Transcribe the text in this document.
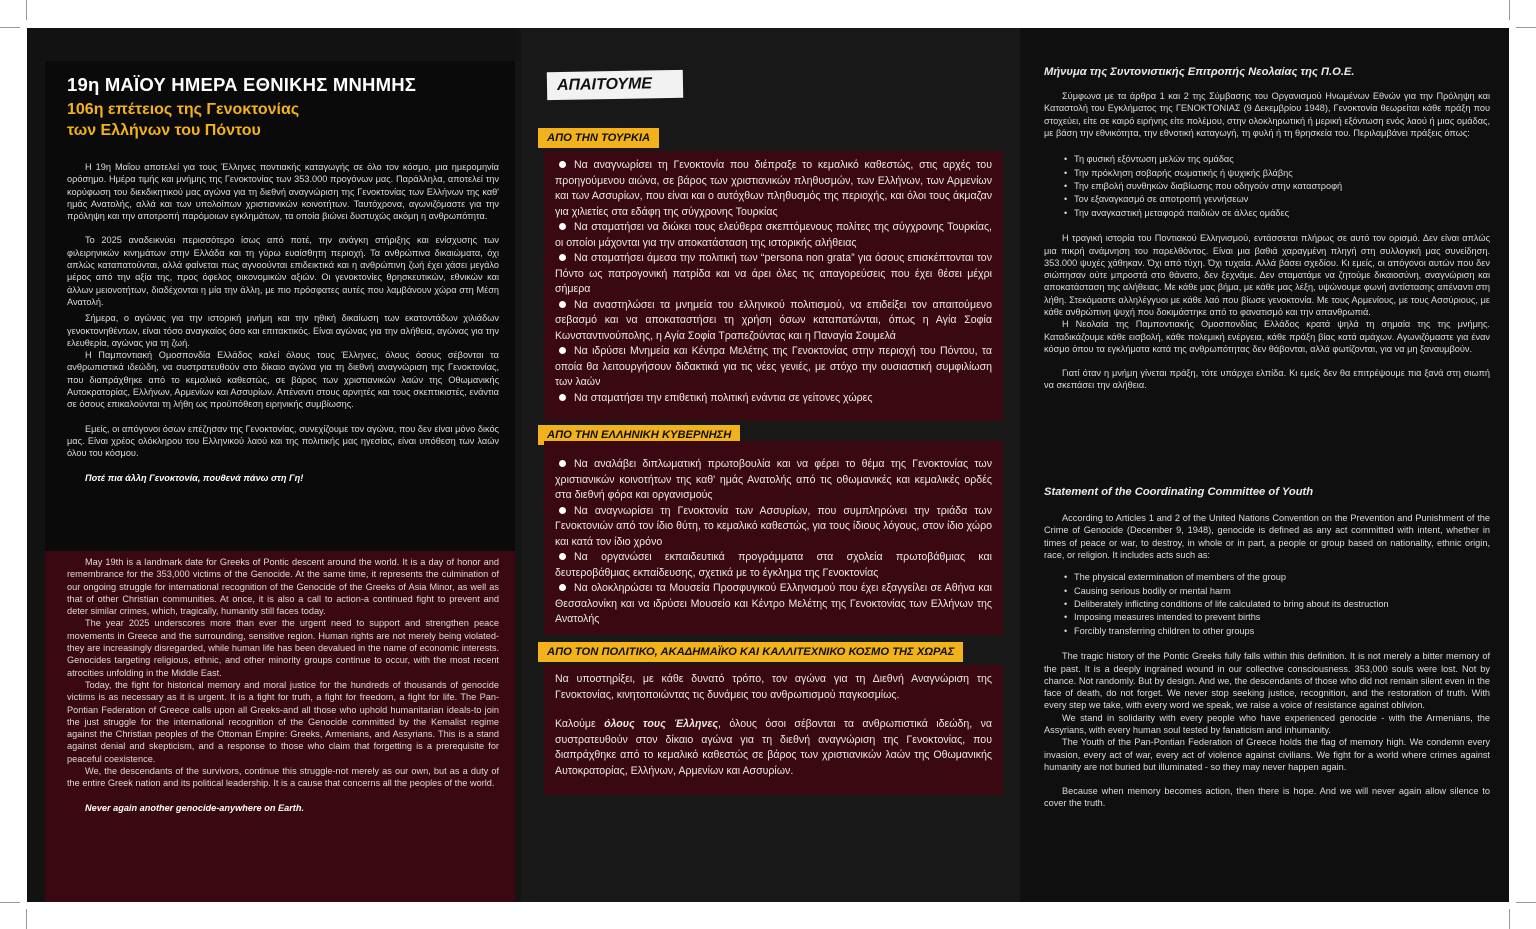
19η ΜΑΪΟΥ ΗΜΕΡΑ ΕΘΝΙΚΗΣ ΜΝΗΜΗΣ
106η επέτειος της Γενοκτονίας
των Ελλήνων του Πόντου

Η 19η Μαΐου αποτελεί για τους Έλληνες ποντιακής καταγωγής σε όλο τον κόσμο, μια ημερομηνία ορόσημο. Ημέρα τιμής και μνήμης της Γενοκτονίας των 353.000 προγόνων μας. Παράλληλα, αποτελεί την κορύφωση του διεκδικητικού μας αγώνα για τη διεθνή αναγνώριση της Γενοκτονίας των Ελλήνων της καθ' ημάς Ανατολής, αλλά και των υπολοίπων χριστιανικών κοινοτήτων. Ταυτόχρονα, αγωνιζόμαστε για την πρόληψη και την αποτροπή παρόμοιων εγκλημάτων, τα οποία βιώνει δυστυχώς ακόμη η ανθρωπότητα.

Το 2025 αναδεικνύει περισσότερο ίσως από ποτέ, την ανάγκη στήριξης και ενίσχυσης των φιλειρηνικών κινημάτων στην Ελλάδα και τη γύρω ευαίσθητη περιοχή. Τα ανθρώπινα δικαιώματα, όχι απλώς καταπατούνται, αλλά φαίνεται πως αγνοούνται επιδεικτικά και η ανθρώπινη ζωή έχει χάσει μεγάλο μέρος από την αξία της, προς όφελος οικονομικών αξιών. Οι γενοκτονίες θρησκευτικών, εθνικών και άλλων μειονοτήτων, διαδέχονται η μία την άλλη, με πιο πρόσφατες αυτές που λαμβάνουν χώρα στη Μέση Ανατολή.

Σήμερα, ο αγώνας για την ιστορική μνήμη και την ηθική δικαίωση των εκατοντάδων χιλιάδων γενοκτονηθέντων, είναι τόσο αναγκαίος όσο και επιτακτικός. Είναι αγώνας για την αλήθεια, αγώνας για την ελευθερία, αγώνας για τη ζωή.

Η Παμποντιακή Ομοσπονδία Ελλάδος καλεί όλους τους Έλληνες, όλους όσους σέβονται τα ανθρωπιστικά ιδεώδη, να συστρατευθούν στο δίκαιο αγώνα για τη διεθνή αναγνώριση της Γενοκτονίας, που διαπράχθηκε από το κεμαλικό καθεστώς, σε βάρος των χριστιανικών λαών της Οθωμανικής Αυτοκρατορίας, Ελλήνων, Αρμενίων και Ασσυρίων. Απέναντι στους αρνητές και τους σκεπτικιστές, ενάντια σε όσους επικαλούνται τη λήθη ως προϋπόθεση ειρηνικής συμβίωσης.

Εμείς, οι απόγονοι όσων επέζησαν της Γενοκτονίας, συνεχίζουμε τον αγώνα, που δεν είναι μόνο δικός μας. Είναι χρέος ολόκληρου του Ελληνικού λαού και της πολιτικής μας ηγεσίας, είναι υπόθεση των λαών όλου του κόσμου.

Ποτέ πια άλλη Γενοκτονία, πουθενά πάνω στη Γη!

May 19th is a landmark date for Greeks of Pontic descent around the world. It is a day of honor and remembrance for the 353,000 victims of the Genocide. At the same time, it represents the culmination of our ongoing struggle for international recognition of the Genocide of the Greeks of Asia Minor, as well as that of other Christian communities. At once, it is also a call to action-a continued fight to prevent and deter similar crimes, which, tragically, humanity still faces today.

The year 2025 underscores more than ever the urgent need to support and strengthen peace movements in Greece and the surrounding, sensitive region. Human rights are not merely being violated-they are increasingly disregarded, while human life has been devalued in the name of economic interests. Genocides targeting religious, ethnic, and other minority groups continue to occur, with the most recent atrocities unfolding in the Middle East.

Today, the fight for historical memory and moral justice for the hundreds of thousands of genocide victims is as necessary as it is urgent. It is a fight for truth, a fight for freedom, a fight for life. The Pan-Pontian Federation of Greece calls upon all Greeks-and all those who uphold humanitarian ideals-to join the just struggle for the international recognition of the Genocide committed by the Kemalist regime against the Christian peoples of the Ottoman Empire: Greeks, Armenians, and Assyrians. This is a stand against denial and skepticism, and a response to those who claim that forgetting is a prerequisite for peaceful coexistence.

We, the descendants of the survivors, continue this struggle-not merely as our own, but as a duty of the entire Greek nation and its political leadership. It is a cause that concerns all the peoples of the world.

Never again another genocide-anywhere on Earth.

ΑΠΑΙΤΟΥΜΕ
ΑΠΟ ΤΗΝ ΤΟΥΡΚΙΑ

Να αναγνωρίσει τη Γενοκτονία που διέπραξε το κεμαλικό καθεστώς, στις αρχές του προηγούμενου αιώνα, σε βάρος των χριστιανικών πληθυσμών, των Ελλήνων, των Αρμενίων και των Ασσυρίων, που είναι και ο αυτόχθων πληθυσμός της περιοχής, και όλοι τους άκμαζαν για χιλιετίες στα εδάφη της σύγχρονης Τουρκίας

Να σταματήσει να διώκει τους ελεύθερα σκεπτόμενους πολίτες της σύγχρονης Τουρκίας, οι οποίοι μάχονται για την αποκατάσταση της ιστορικής αλήθειας

Να σταματήσει άμεσα την πολιτική των “persona non grata” για όσους επισκέπτονται τον Πόντο ως πατρογονική πατρίδα και να άρει όλες τις απαγορεύσεις που έχει θέσει μέχρι σήμερα

Να αναστηλώσει τα μνημεία του ελληνικού πολιτισμού, να επιδείξει τον απαιτούμενο σεβασμό και να αποκαταστήσει τη χρήση όσων καταπατώνται, όπως η Αγία Σοφία Κωνσταντινούπολης, η Αγία Σοφία Τραπεζούντας και η Παναγία Σουμελά

Να ιδρύσει Μνημεία και Κέντρα Μελέτης της Γενοκτονίας στην περιοχή του Πόντου, τα οποία θα λειτουργήσουν διδακτικά για τις νέες γενιές, με στόχο την ουσιαστική συμφιλίωση των λαών

Να σταματήσει την επιθετική πολιτική ενάντια σε γείτονες χώρες

ΑΠΟ ΤΗΝ ΕΛΛΗΝΙΚΗ ΚΥΒΕΡΝΗΣΗ

Να αναλάβει διπλωματική πρωτοβουλία και να φέρει το θέμα της Γενοκτονίας των χριστιανικών κοινοτήτων της καθ' ημάς Ανατολής από τις οθωμανικές και κεμαλικές ορδές στα διεθνή φόρα και οργανισμούς

Να αναγνωρίσει τη Γενοκτονία των Ασσυρίων, που συμπληρώνει την τριάδα των Γενοκτονιών από τον ίδιο θύτη, το κεμαλικό καθεστώς, για τους ίδιους λόγους, στον ίδιο χώρο και κατά τον ίδιο χρόνο

Να οργανώσει εκπαιδευτικά προγράμματα στα σχολεία πρωτοβάθμιας και δευτεροβάθμιας εκπαίδευσης, σχετικά με το έγκλημα της Γενοκτονίας

Να ολοκληρώσει τα Μουσεία Προσφυγικού Ελληνισμού που έχει εξαγγείλει σε Αθήνα και Θεσσαλονίκη και να ιδρύσει Μουσείο και Κέντρο Μελέτης της Γενοκτονίας των Ελλήνων της Ανατολής

ΑΠΟ ΤΟΝ ΠΟΛΙΤΙΚΟ, ΑΚΑΔΗΜΑΪΚΟ ΚΑΙ ΚΑΛΛΙΤΕΧΝΙΚΟ ΚΟΣΜΟ ΤΗΣ ΧΩΡΑΣ

Να υποστηρίξει, με κάθε δυνατό τρόπο, τον αγώνα για τη Διεθνή Αναγνώριση της Γενοκτονίας, κινητοποιώντας τις δυνάμεις του ανθρωπισμού παγκοσμίως.

Καλούμε όλους τους Έλληνες, όλους όσοι σέβονται τα ανθρωπιστικά ιδεώδη, να συστρατευθούν στον δίκαιο αγώνα για τη διεθνή αναγνώριση της Γενοκτονίας, που διαπράχθηκε από το κεμαλικό καθεστώς σε βάρος των χριστιανικών λαών της Οθωμανικής Αυτοκρατορίας, Ελλήνων, Αρμενίων και Ασσυρίων.

Μήνυμα της Συντονιστικής Επιτροπής Νεολαίας της Π.Ο.Ε.

Σύμφωνα με τα άρθρα 1 και 2 της Σύμβασης του Οργανισμού Ηνωμένων Εθνών για την Πρόληψη και Καταστολή του Εγκλήματος της ΓΕΝΟΚΤΟΝΙΑΣ (9 Δεκεμβρίου 1948), Γενοκτονία θεωρείται κάθε πράξη που στοχεύει, είτε σε καιρό ειρήνης είτε πολέμου, στην ολοκληρωτική ή μερική εξόντωση ενός λαού ή μιας ομάδας, με βάση την εθνικότητα, την εθνοτική καταγωγή, τη φυλή ή τη θρησκεία του. Περιλαμβάνει πράξεις όπως:

• Τη φυσική εξόντωση μελών της ομάδας
• Την πρόκληση σοβαρής σωματικής ή ψυχικής βλάβης
• Την επιβολή συνθηκών διαβίωσης που οδηγούν στην καταστροφή
• Τον εξαναγκασμό σε αποτροπή γεννήσεων
• Την αναγκαστική μεταφορά παιδιών σε άλλες ομάδες

Η τραγική ιστορία του Ποντιακού Ελληνισμού, εντάσσεται πλήρως σε αυτό τον ορισμό. Δεν είναι απλώς μια πικρή ανάμνηση του παρελθόντος. Είναι μια βαθιά χαραγμένη πληγή στη συλλογική μας συνείδηση. 353.000 ψυχές χάθηκαν. Όχι από τύχη. Όχι τυχαία. Αλλά βάσει σχεδίου. Κι εμείς, οι απόγονοι αυτών που δεν σιώπησαν ούτε μπροστά στο θάνατο, δεν ξεχνάμε. Δεν σταματάμε να ζητούμε δικαιοσύνη, αναγνώριση και αποκατάσταση της αλήθειας. Με κάθε μας βήμα, με κάθε μας λέξη, υψώνουμε φωνή αντίστασης απέναντι στη λήθη. Στεκόμαστε αλληλέγγυοι με κάθε λαό που βίωσε γενοκτονία. Με τους Αρμενίους, με τους Ασσύριους, με κάθε ανθρώπινη ψυχή που δοκιμάστηκε από το φανατισμό και την απανθρωπιά.

Η Νεολαία της Παμποντιακής Ομοσπονδίας Ελλάδος κρατά ψηλά τη σημαία της της μνήμης. Καταδικάζουμε κάθε εισβολή, κάθε πολεμική ενέργεια, κάθε πράξη βίας κατά αμάχων. Αγωνιζόμαστε για έναν κόσμο όπου τα εγκλήματα κατά της ανθρωπότητας δεν θάβονται, αλλά φωτίζονται, για να μη ξαναυμβούν.

Γιατί όταν η μνήμη γίνεται πράξη, τότε υπάρχει ελπίδα. Κι εμείς δεν θα επιτρέψουμε πια ξανά στη σιωπή να σκεπάσει την αλήθεια.

Statement of the Coordinating Committee of Youth

According to Articles 1 and 2 of the United Nations Convention on the Prevention and Punishment of the Crime of Genocide (December 9, 1948), genocide is defined as any act committed with intent, whether in times of peace or war, to destroy, in whole or in part, a people or group based on nationality, ethnic origin, race, or religion. It includes acts such as:

• The physical extermination of members of the group
• Causing serious bodily or mental harm
• Deliberately inflicting conditions of life calculated to bring about its destruction
• Imposing measures intended to prevent births
• Forcibly transferring children to other groups

The tragic history of the Pontic Greeks fully falls within this definition. It is not merely a bitter memory of the past. It is a deeply ingrained wound in our collective consciousness. 353,000 souls were lost. Not by chance. Not randomly. But by design. And we, the descendants of those who did not remain silent even in the face of death, do not forget. We never stop seeking justice, recognition, and the restoration of truth. With every step we take, with every word we speak, we raise a voice of resistance against oblivion.

We stand in solidarity with every people who have experienced genocide - with the Armenians, the Assyrians, with every human soul tested by fanaticism and inhumanity.

The Youth of the Pan-Pontian Federation of Greece holds the flag of memory high. We condemn every invasion, every act of war, every act of violence against civilians. We fight for a world where crimes against humanity are not buried but illuminated - so they may never happen again.

Because when memory becomes action, then there is hope. And we will never again allow silence to cover the truth.
